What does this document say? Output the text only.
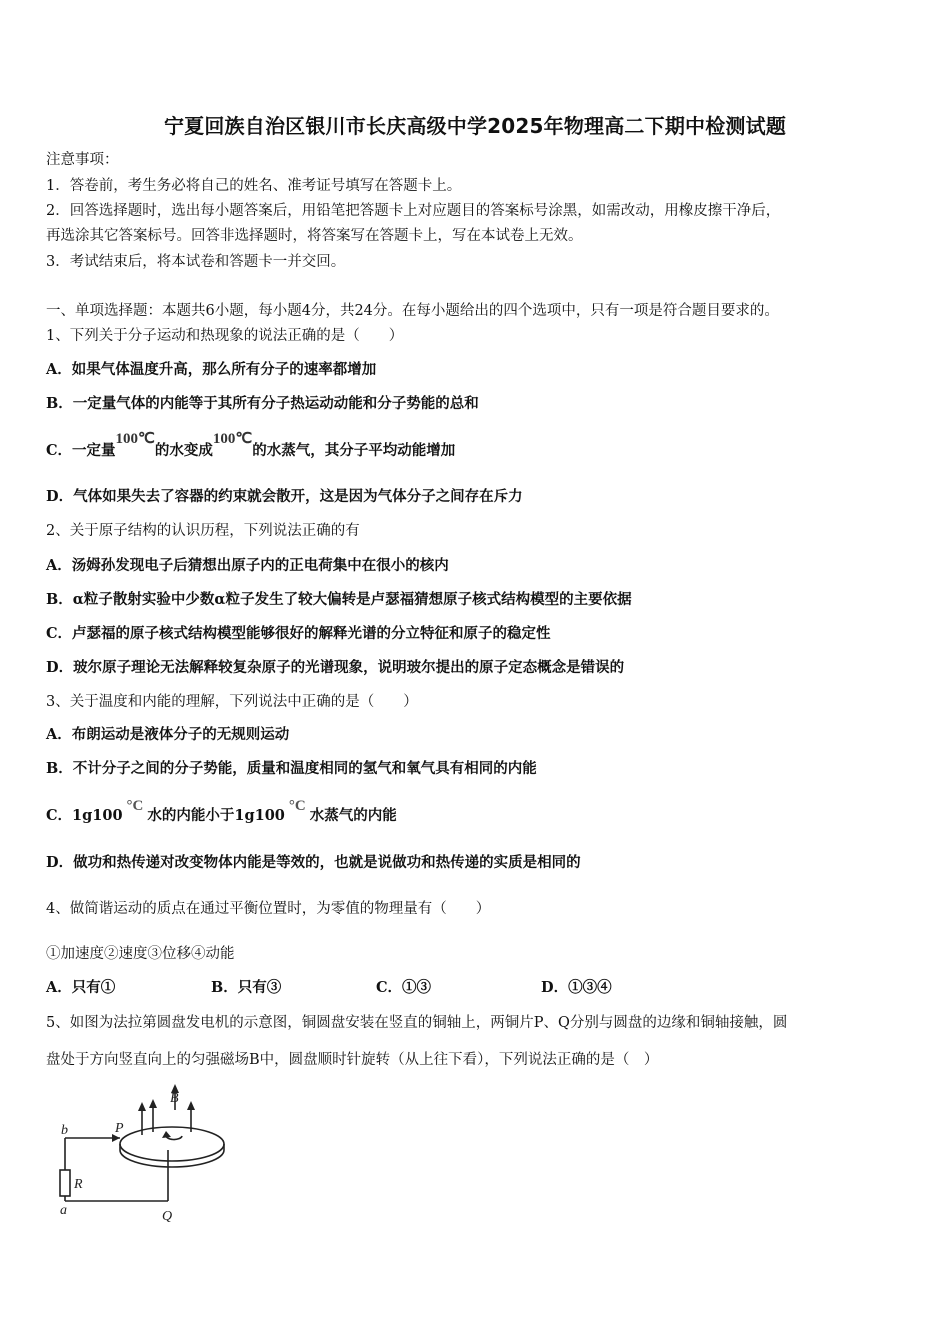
宁夏回族自治区银川市长庆高级中学2025年物理高二下期中检测试题
注意事项：
1．答卷前，考生务必将自己的姓名、准考证号填写在答题卡上。
2．回答选择题时，选出每小题答案后，用铅笔把答题卡上对应题目的答案标号涂黑，如需改动，用橡皮擦干净后，
再选涂其它答案标号。回答非选择题时，将答案写在答题卡上，写在本试卷上无效。
3．考试结束后，将本试卷和答题卡一并交回。
一、单项选择题：本题共6小题，每小题4分，共24分。在每小题给出的四个选项中，只有一项是符合题目要求的。
1、下列关于分子运动和热现象的说法正确的是（　　）
A．如果气体温度升高，那么所有分子的速率都增加
B．一定量气体的内能等于其所有分子热运动动能和分子势能的总和
C．一定量100℃的水变成100℃的水蒸气，其分子平均动能增加
D．气体如果失去了容器的约束就会散开，这是因为气体分子之间存在斥力
2、关于原子结构的认识历程，下列说法正确的有
A．汤姆孙发现电子后猜想出原子内的正电荷集中在很小的核内
B．α粒子散射实验中少数α粒子发生了较大偏转是卢瑟福猜想原子核式结构模型的主要依据
C．卢瑟福的原子核式结构模型能够很好的解释光谱的分立特征和原子的稳定性
D．玻尔原子理论无法解释较复杂原子的光谱现象，说明玻尔提出的原子定态概念是错误的
3、关于温度和内能的理解，下列说法中正确的是（　　）
A．布朗运动是液体分子的无规则运动
B．不计分子之间的分子势能，质量和温度相同的氢气和氧气具有相同的内能
C．1g100°C水的内能小于1g100°C水蒸气的内能
D．做功和热传递对改变物体内能是等效的，也就是说做功和热传递的实质是相同的
4、做简谐运动的质点在通过平衡位置时，为零值的物理量有（　　）
①加速度②速度③位移④动能
A．只有①	B．只有③	C．①③	D．①③④
5、如图为法拉第圆盘发电机的示意图，铜圆盘安装在竖直的铜轴上，两铜片P、Q分别与圆盘的边缘和铜轴接触，圆
盘处于方向竖直向上的匀强磁场B中，圆盘顺时针旋转（从上往下看），下列说法正确的是（　）
b	P
B
R
a	Q
